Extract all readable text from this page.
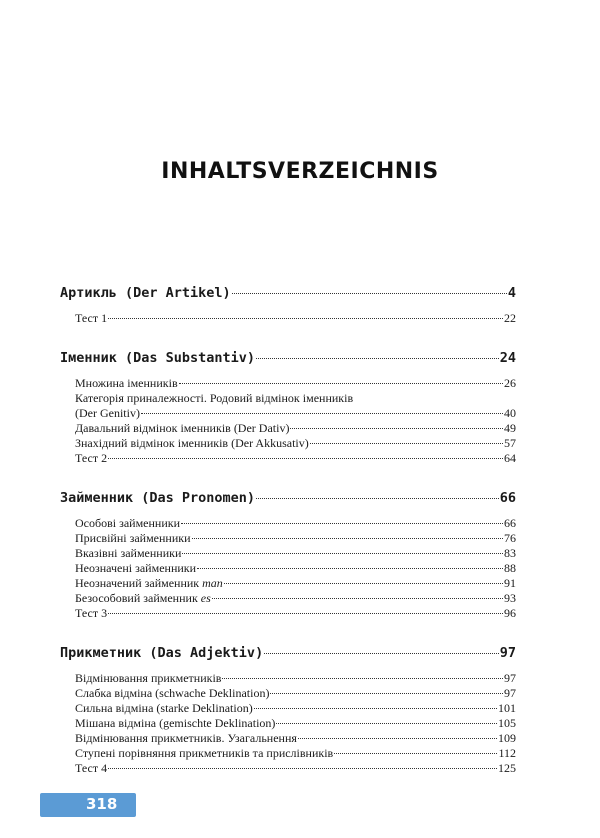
INHALTSVERZEICHNIS
Артикль (Der Artikel)	4
Тест 1	22
Іменник (Das Substantiv)	24
Множина іменників	26
Категорія приналежності. Родовий відмінок іменників
(Der Genitiv)	40
Давальний відмінок іменників (Der Dativ)	49
Знахідний відмінок іменників (Der Akkusativ)	57
Тест 2	64
Займенник (Das Pronomen)	66
Особові займенники	66
Присвійні займенники	76
Вказівні займенники	83
Неозначені займенники	88
Неозначений займенник man	91
Безособовий займенник es	93
Тест 3	96
Прикметник (Das Adjektiv)	97
Відмінювання прикметників	97
Слабка відміна (schwache Deklination)	97
Сильна відміна (starke Deklination)	101
Мішана відміна (gemischte Deklination)	105
Відмінювання прикметників. Узагальнення	109
Ступені порівняння прикметників та прислівників	112
Тест 4	125
318
